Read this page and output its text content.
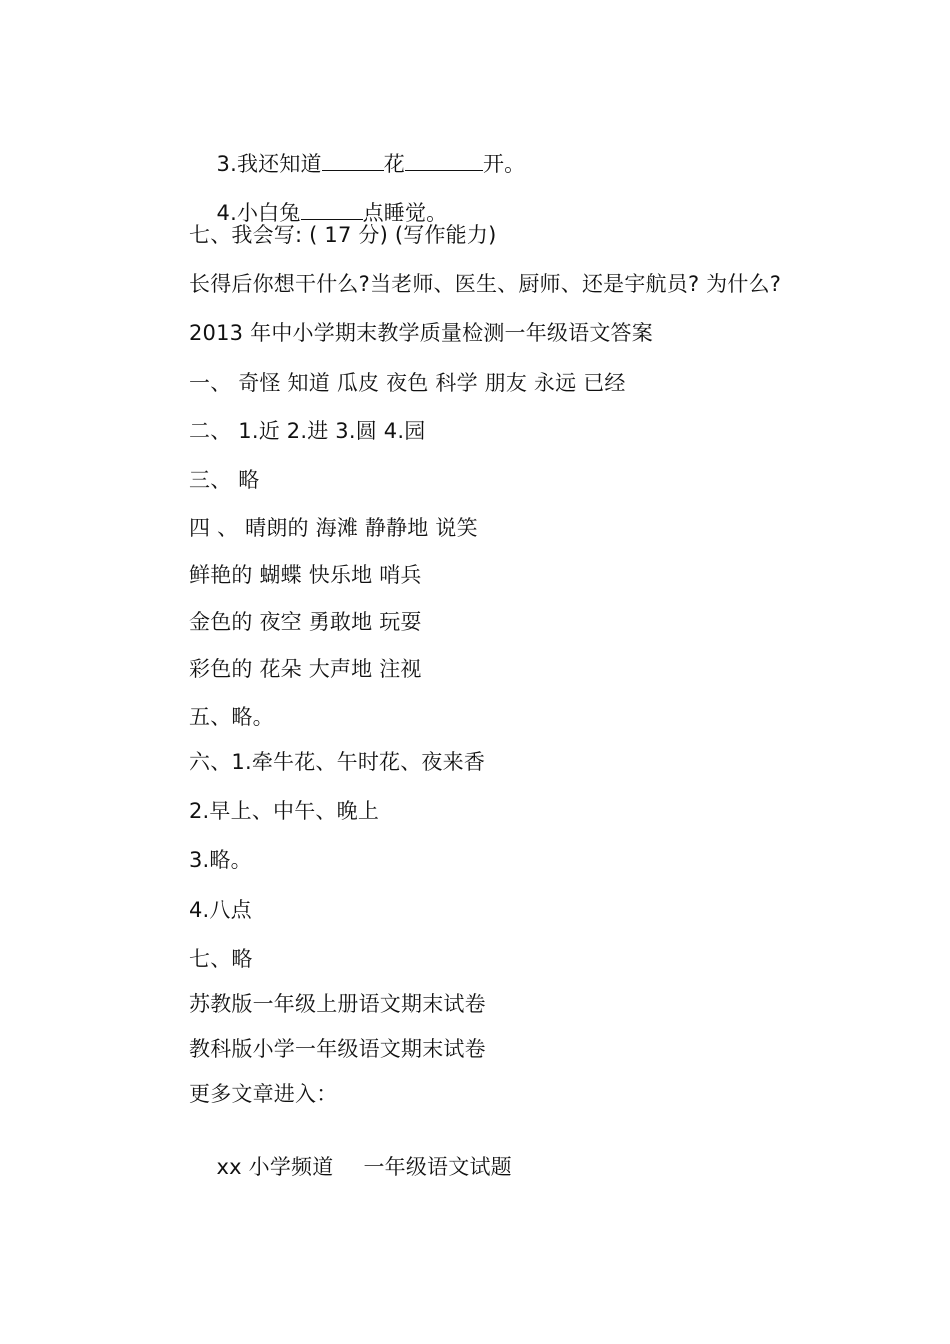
3.我还知道	花	开。

4.小白兔	点睡觉。

七、我会写: ( 17 分) (写作能力)
长得后你想干什么?当老师、医生、厨师、还是宇航员? 为什么?
2013 年中小学期末教学质量检测一年级语文答案
一、 奇怪 知道 瓜皮 夜色 科学 朋友 永远 已经
二、 1.近 2.进 3.圆 4.园
三、 略
四 、 晴朗的 海滩 静静地 说笑
鲜艳的 蝴蝶 快乐地 哨兵
金色的 夜空 勇敢地 玩耍
彩色的 花朵 大声地 注视
五、略。
六、1.牵牛花、午时花、夜来香
2.早上、中午、晚上
3.略。
4.八点
七、略
苏教版一年级上册语文期末试卷
教科版小学一年级语文期末试卷
更多文章进入：

xx 小学频道 一年级语文试题
